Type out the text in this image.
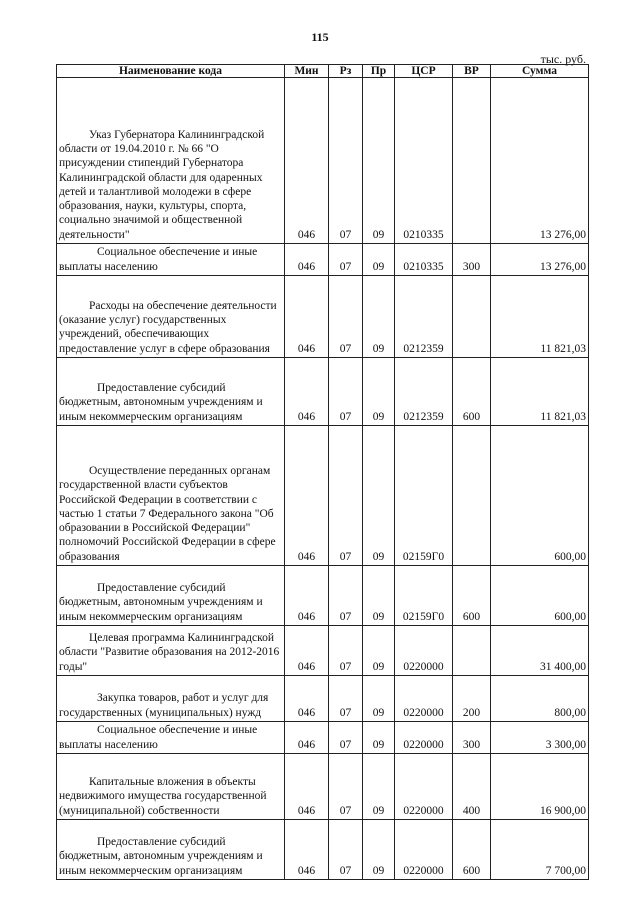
115
тыс. руб.
Наименование кода	Мин	Рз	Пр	ЦСР	ВР	Сумма
Указ Губернатора Калининградской области от 19.04.2010 г. № 66 "О присуждении стипендий Губернатора Калининградской области для одаренных детей и талантливой молодежи в сфере образования, науки, культуры, спорта, социально значимой и общественной деятельности"	046	07	09	0210335		13 276,00
Социальное обеспечение и иные выплаты населению	046	07	09	0210335	300	13 276,00
Расходы на обеспечение деятельности (оказание услуг) государственных учреждений, обеспечивающих предоставление услуг в сфере образования	046	07	09	0212359		11 821,03
Предоставление субсидий бюджетным, автономным учреждениям и иным некоммерческим организациям	046	07	09	0212359	600	11 821,03
Осуществление переданных органам государственной власти субъектов Российской Федерации в соответствии с частью 1 статьи 7 Федерального закона "Об образовании в Российской Федерации" полномочий Российской Федерации в сфере образования	046	07	09	02159Г0		600,00
Предоставление субсидий бюджетным, автономным учреждениям и иным некоммерческим организациям	046	07	09	02159Г0	600	600,00
Целевая программа Калининградской области "Развитие образования на 2012-2016 годы"	046	07	09	0220000		31 400,00
Закупка товаров, работ и услуг для государственных (муниципальных) нужд	046	07	09	0220000	200	800,00
Социальное обеспечение и иные выплаты населению	046	07	09	0220000	300	3 300,00
Капитальные вложения в объекты недвижимого имущества государственной (муниципальной) собственности	046	07	09	0220000	400	16 900,00
Предоставление субсидий бюджетным, автономным учреждениям и иным некоммерческим организациям	046	07	09	0220000	600	7 700,00
